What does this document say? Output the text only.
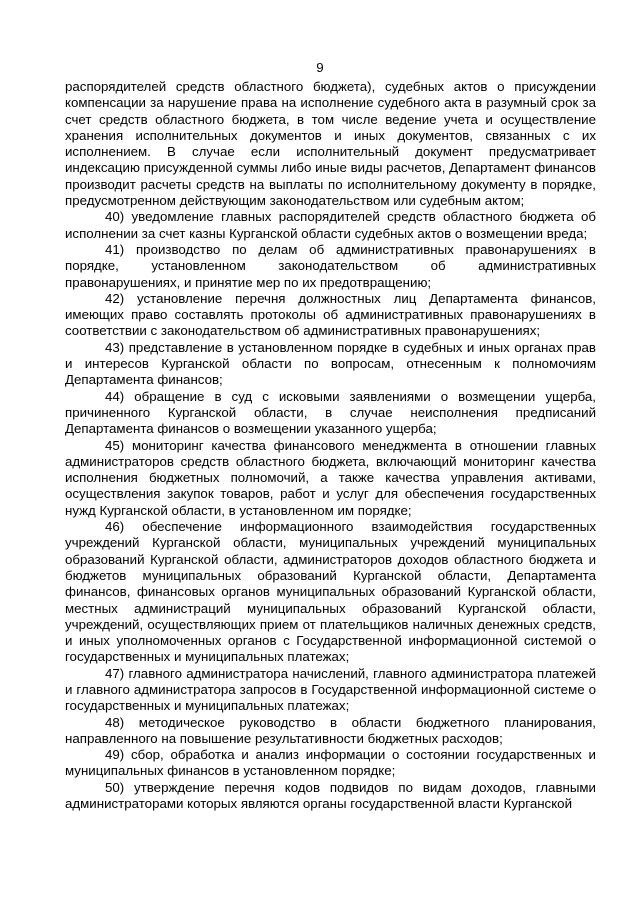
9

распорядителей средств областного бюджета), судебных актов о присуждении компенсации за нарушение права на исполнение судебного акта в разумный срок за счет средств областного бюджета, в том числе ведение учета и осуществление хранения исполнительных документов и иных документов, связанных с их исполнением. В случае если исполнительный документ предусматривает индексацию присужденной суммы либо иные виды расчетов, Департамент финансов производит расчеты средств на выплаты по исполнительному документу в порядке, предусмотренном действующим законодательством или судебным актом;

40) уведомление главных распорядителей средств областного бюджета об исполнении за счет казны Курганской области судебных актов о возмещении вреда;

41) производство по делам об административных правонарушениях в порядке, установленном законодательством об административных правонарушениях, и принятие мер по их предотвращению;

42) установление перечня должностных лиц Департамента финансов, имеющих право составлять протоколы об административных правонарушениях в соответствии с законодательством об административных правонарушениях;

43) представление в установленном порядке в судебных и иных органах прав и интересов Курганской области по вопросам, отнесенным к полномочиям Департамента финансов;

44) обращение в суд с исковыми заявлениями о возмещении ущерба, причиненного Курганской области, в случае неисполнения предписаний Департамента финансов о возмещении указанного ущерба;

45) мониторинг качества финансового менеджмента в отношении главных администраторов средств областного бюджета, включающий мониторинг качества исполнения бюджетных полномочий, а также качества управления активами, осуществления закупок товаров, работ и услуг для обеспечения государственных нужд Курганской области, в установленном им порядке;

46) обеспечение информационного взаимодействия государственных учреждений Курганской области, муниципальных учреждений муниципальных образований Курганской области, администраторов доходов областного бюджета и бюджетов муниципальных образований Курганской области, Департамента финансов, финансовых органов муниципальных образований Курганской области, местных администраций муниципальных образований Курганской области, учреждений, осуществляющих прием от плательщиков наличных денежных средств, и иных уполномоченных органов с Государственной информационной системой о государственных и муниципальных платежах;

47) главного администратора начислений, главного администратора платежей и главного администратора запросов в Государственной информационной системе о государственных и муниципальных платежах;

48) методическое руководство в области бюджетного планирования, направленного на повышение результативности бюджетных расходов;

49) сбор, обработка и анализ информации о состоянии государственных и муниципальных финансов в установленном порядке;

50) утверждение перечня кодов подвидов по видам доходов, главными администраторами которых являются органы государственной власти Курганской
